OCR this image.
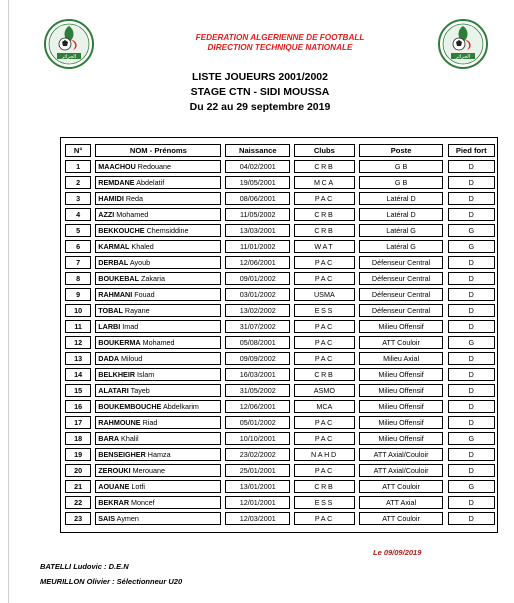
الجزائر	الجزائر
FEDERATION ALGERIENNE DE FOOTBALL
DIRECTION TECHNIQUE NATIONALE
LISTE JOUEURS 2001/2002
STAGE CTN - SIDI MOUSSA
Du 22 au 29 septembre 2019
N°		NOM - Prénoms		Naissance		Clubs		Poste		Pied fort
1		MAACHOU Redouane		04/02/2001		CRB		G B		D
2		REMDANE Abdelatif		19/05/2001		MCA		G B		D
3		HAMIDI Reda		08/06/2001		PAC		Latéral D		D
4		AZZI Mohamed		11/05/2002		CRB		Latéral D		D
5		BEKKOUCHE Chemsiddine		13/03/2001		CRB		Latéral G		G
6		KARMAL Khaled		11/01/2002		WAT		Latéral G		G
7		DERBAL Ayoub		12/06/2001		PAC		Défenseur Central		D
8		BOUKEBAL Zakaria		09/01/2002		PAC		Défenseur Central		D
9		RAHMANI Fouad		03/01/2002		USMA		Défenseur Central		D
10		TOBAL Rayane		13/02/2002		ESS		Défenseur Central		D
11		LARBI Imad		31/07/2002		PAC		Milieu Offensif		D
12		BOUKERMA Mohamed		05/08/2001		PAC		ATT Couloir		G
13		DADA Miloud		09/09/2002		PAC		Milieu Axial		D
14		BELKHEIR Islam		16/03/2001		CRB		Milieu Offensif		D
15		ALATARI Tayeb		31/05/2002		ASMO		Milieu Offensif		D
16		BOUKEMBOUCHE Abdelkarim		12/06/2001		MCA		Milieu Offensif		D
17		RAHMOUNE Riad		05/01/2002		PAC		Milieu Offensif		D
18		BARA Khalil		10/10/2001		PAC		Milieu Offensif		G
19		BENSEIGHER Hamza		23/02/2002		NAHD		ATT Axial/Couloir		D
20		ZEROUKI Merouane		25/01/2001		PAC		ATT Axial/Couloir		D
21		AOUANE Lotfi		13/01/2001		CRB		ATT Couloir		G
22		BEKRAR Moncef		12/01/2001		ESS		ATT Axial		D
23		SAIS Aymen		12/03/2001		PAC		ATT Couloir		D
Le 09/09/2019
BATELLI Ludovic : D.E.N
MEURILLON Olivier : Sélectionneur U20
